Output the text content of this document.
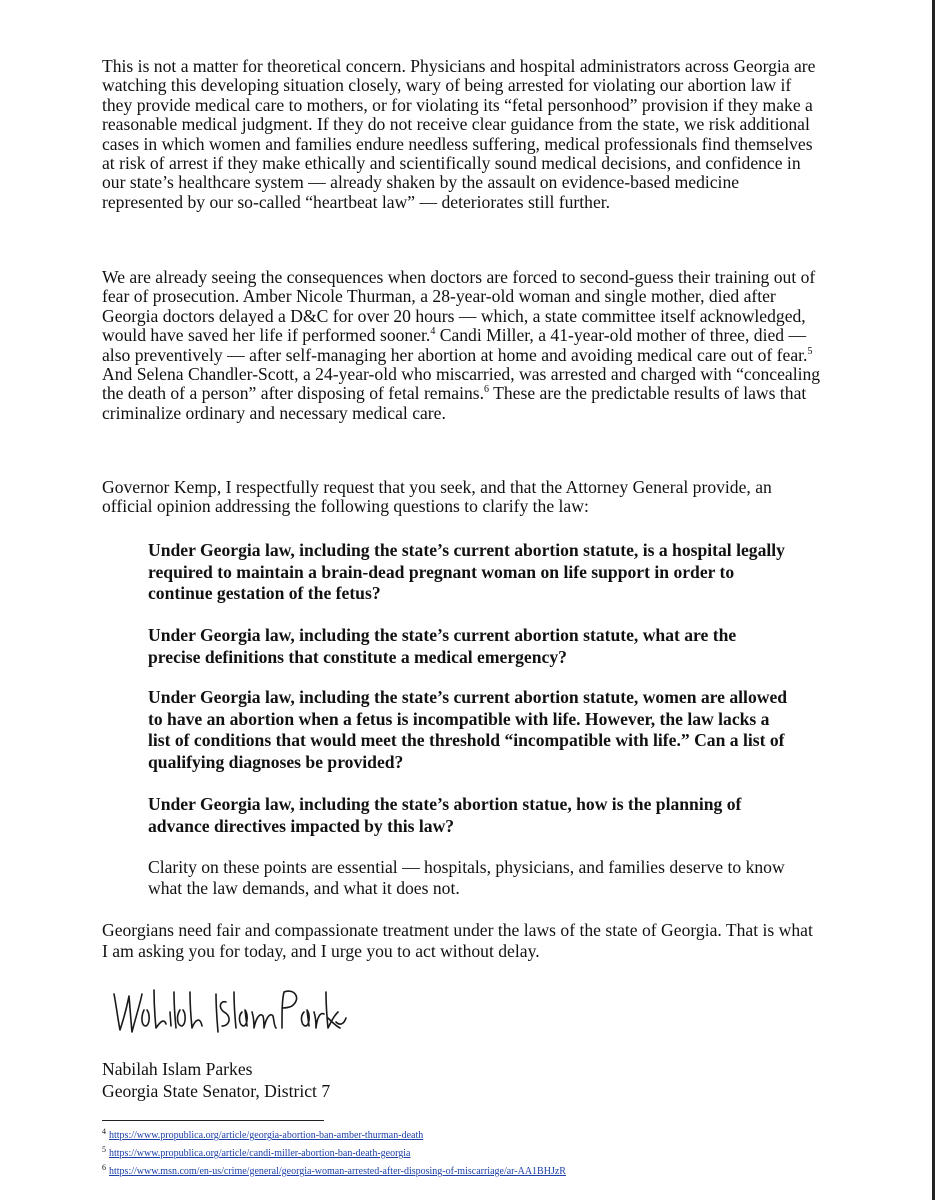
This is not a matter for theoretical concern. Physicians and hospital administrators across Georgia are watching this developing situation closely, wary of being arrested for violating our abortion law if they provide medical care to mothers, or for violating its “fetal personhood” provision if they make a reasonable medical judgment. If they do not receive clear guidance from the state, we risk additional cases in which women and families endure needless suffering, medical professionals find themselves at risk of arrest if they make ethically and scientifically sound medical decisions, and confidence in our state’s healthcare system — already shaken by the assault on evidence-based medicine represented by our so-called “heartbeat law” — deteriorates still further.

We are already seeing the consequences when doctors are forced to second-guess their training out of fear of prosecution. Amber Nicole Thurman, a 28-year-old woman and single mother, died after Georgia doctors delayed a D&C for over 20 hours — which, a state committee itself acknowledged, would have saved her life if performed sooner.$^4$ Candi Miller, a 41-year-old mother of three, died — also preventively — after self-managing her abortion at home and avoiding medical care out of fear.$^5$ And Selena Chandler-Scott, a 24-year-old who miscarried, was arrested and charged with “concealing the death of a person” after disposing of fetal remains.$^6$ These are the predictable results of laws that criminalize ordinary and necessary medical care.

Governor Kemp, I respectfully request that you seek, and that the Attorney General provide, an official opinion addressing the following questions to clarify the law:

Under Georgia law, including the state’s current abortion statute, is a hospital legally required to maintain a brain-dead pregnant woman on life support in order to continue gestation of the fetus?

Under Georgia law, including the state’s current abortion statute, what are the precise definitions that constitute a medical emergency?

Under Georgia law, including the state’s current abortion statute, women are allowed to have an abortion when a fetus is incompatible with life. However, the law lacks a list of conditions that would meet the threshold “incompatible with life.” Can a list of qualifying diagnoses be provided?

Under Georgia law, including the state’s abortion statue, how is the planning of advance directives impacted by this law?

Clarity on these points are essential — hospitals, physicians, and families deserve to know what the law demands, and what it does not.

Georgians need fair and compassionate treatment under the laws of the state of Georgia. That is what I am asking you for today, and I urge you to act without delay.

Nabilah Islam Parkes

Georgia State Senator, District 7

$^4$ https://www.propublica.org/article/georgia-abortion-ban-amber-thurman-death

$^5$ https://www.propublica.org/article/candi-miller-abortion-ban-death-georgia

$^6$ https://www.msn.com/en-us/crime/general/georgia-woman-arrested-after-disposing-of-miscarriage/ar-AA1BHJzR
